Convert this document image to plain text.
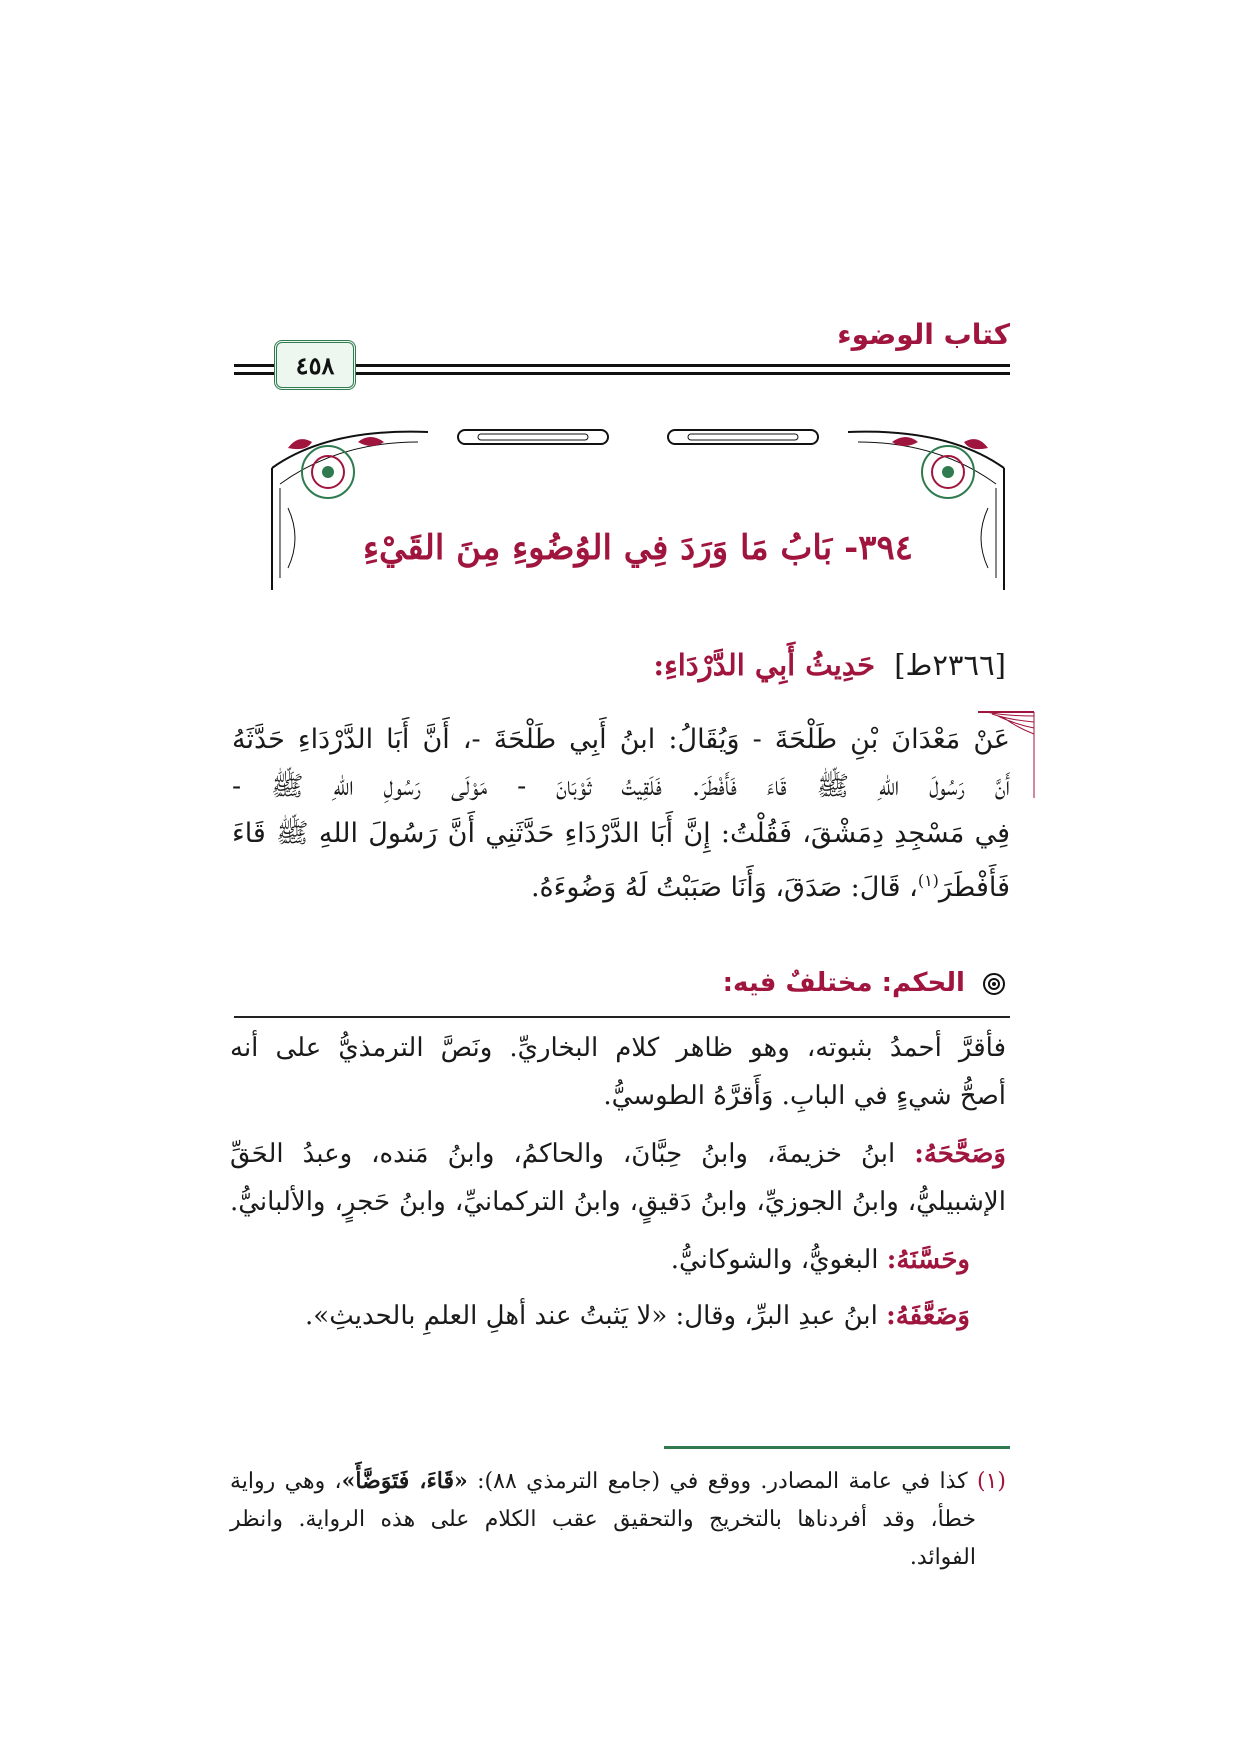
كتاب الوضوء
٤٥٨
٣٩٤- بَابُ مَا وَرَدَ فِي الوُضُوءِ مِنَ القَيْءِ
[٢٣٦٦ط] حَدِيثُ أَبِي الدَّرْدَاءِ:
عَنْ مَعْدَانَ بْنِ طَلْحَةَ - وَيُقَالُ: ابنُ أَبِي طَلْحَةَ -، أَنَّ أَبَا الدَّرْدَاءِ حَدَّثَهُ
أَنَّ رَسُولَ اللهِ ﷺ قَاءَ فَأَفْطَرَ. فَلَقِيتُ ثَوْبَانَ - مَوْلَى رَسُولِ اللهِ ﷺ -
فِي مَسْجِدِ دِمَشْقَ، فَقُلْتُ: إِنَّ أَبَا الدَّرْدَاءِ حَدَّثَنِي أَنَّ رَسُولَ اللهِ ﷺ قَاءَ
فَأَفْطَرَ$^{(١)}$، قَالَ: صَدَقَ، وَأَنَا صَبَبْتُ لَهُ وَضُوءَهُ.
الحكم: مختلفٌ فيه:
فأقرَّ أحمدُ بثبوته، وهو ظاهر كلام البخاريِّ. ونَصَّ الترمذيُّ على أنه
أصحُّ شيءٍ في البابِ. وَأَقرَّهُ الطوسيُّ.
وَصَحَّحَهُ: ابنُ خزيمةَ، وابنُ حِبَّانَ، والحاكمُ، وابنُ مَنده، وعبدُ الحَقِّ
الإشبيليُّ، وابنُ الجوزيِّ، وابنُ دَقيقٍ، وابنُ التركمانيِّ، وابنُ حَجرٍ، والألبانيُّ.
وحَسَّنَهُ: البغويُّ، والشوكانيُّ.
وَضَعَّفَهُ: ابنُ عبدِ البرِّ، وقال: «لا يَثبتُ عند أهلِ العلمِ بالحديثِ».
(١) كذا في عامة المصادر. ووقع في (جامع الترمذي ٨٨): «قَاءَ، فَتَوَضَّأَ»، وهي رواية
خطأ، وقد أفردناها بالتخريج والتحقيق عقب الكلام على هذه الرواية. وانظر
الفوائد.
